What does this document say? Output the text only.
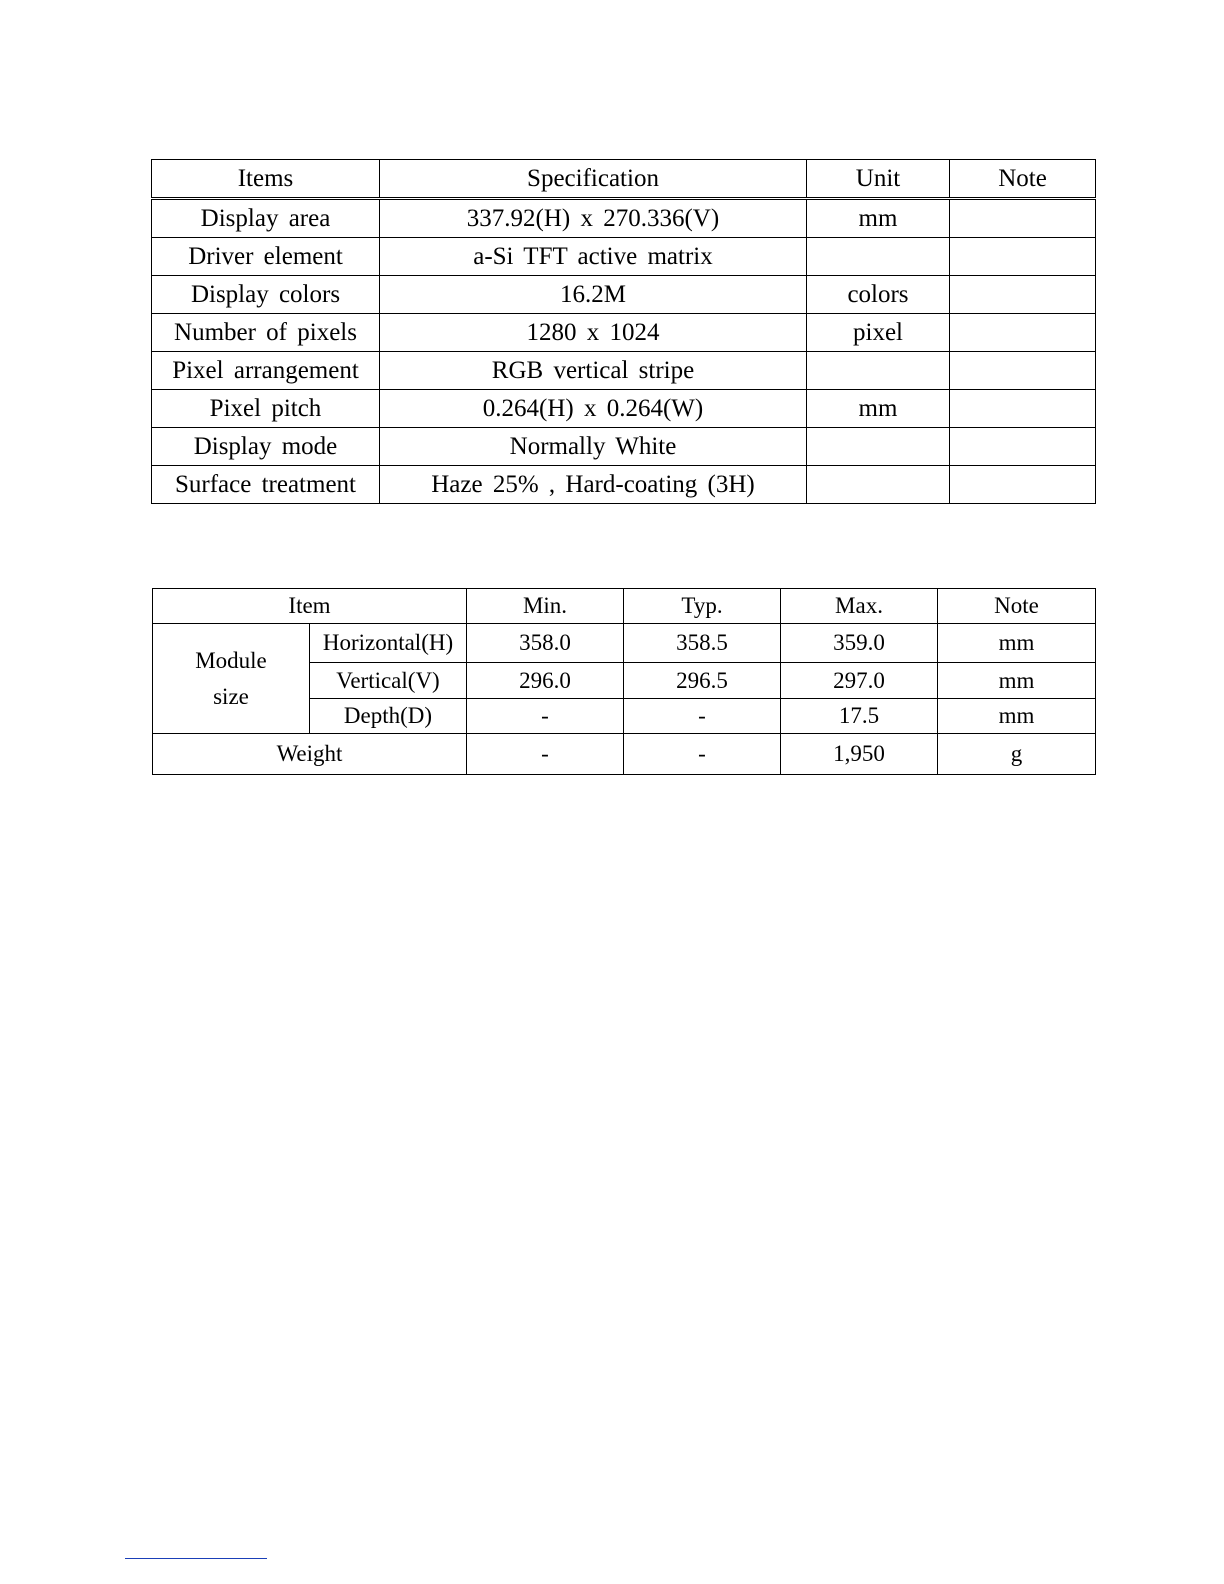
Items	Specification	Unit	Note
Display area	337.92(H) x 270.336(V)	mm	
Driver element	a-Si TFT active matrix		
Display colors	16.2M	colors	
Number of pixels	1280 x 1024	pixel	
Pixel arrangement	RGB vertical stripe		
Pixel pitch	0.264(H) x 0.264(W)	mm	
Display mode	Normally White		
Surface treatment	Haze 25% , Hard-coating (3H)		
Item		Min.	Typ.	Max.	Note
Module size	Horizontal(H)	358.0	358.5	359.0	mm
	Vertical(V)	296.0	296.5	297.0	mm
	Depth(D)	-	-	17.5	mm
Weight		-	-	1,950	g
